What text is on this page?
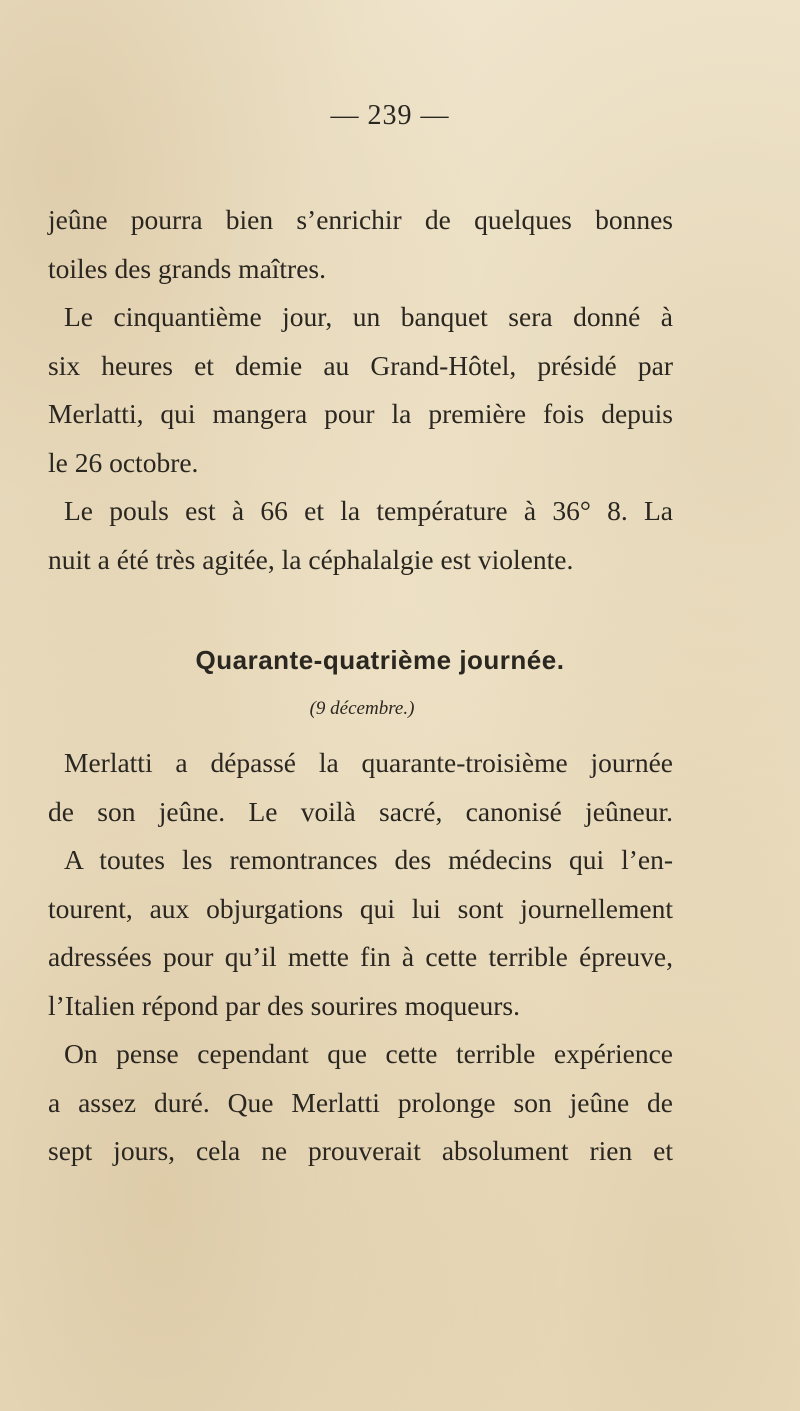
— 239 —
jeûne pourra bien s’enrichir de quelques bonnes
toiles des grands maîtres.
Le cinquantième jour, un banquet sera donné à
six heures et demie au Grand-Hôtel, présidé par
Merlatti, qui mangera pour la première fois depuis
le 26 octobre.
Le pouls est à 66 et la température à 36° 8. La
nuit a été très agitée, la céphalalgie est violente.
Quarante-quatrième journée.
(9 décembre.)
Merlatti a dépassé la quarante-troisième journée
de son jeûne. Le voilà sacré, canonisé jeûneur.
A toutes les remontrances des médecins qui l’en-
tourent, aux objurgations qui lui sont journellement
adressées pour qu’il mette fin à cette terrible épreuve,
l’Italien répond par des sourires moqueurs.
On pense cependant que cette terrible expérience
a assez duré. Que Merlatti prolonge son jeûne de
sept jours, cela ne prouverait absolument rien et
